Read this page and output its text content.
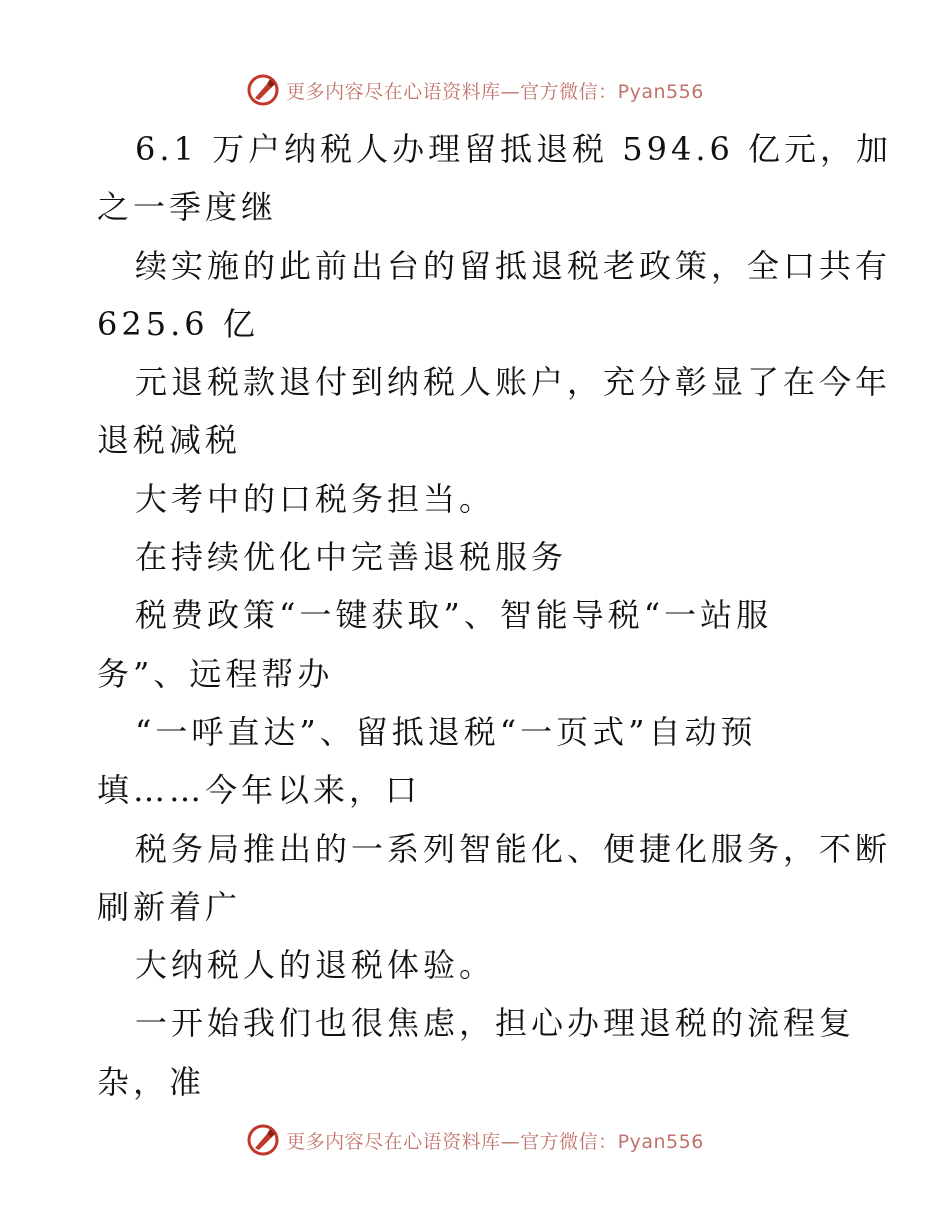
更多内容尽在心语资料库—官方微信：Pyan556
6.1 万户纳税人办理留抵退税 594.6 亿元，加
之一季度继
续实施的此前出台的留抵退税老政策，全口共有
625.6 亿
元退税款退付到纳税人账户，充分彰显了在今年
退税减税
大考中的口税务担当。
在持续优化中完善退税服务
税费政策“一键获取”、智能导税“一站服
务”、远程帮办
“一呼直达”、留抵退税“一页式”自动预
填……今年以来，口
税务局推出的一系列智能化、便捷化服务，不断
刷新着广
大纳税人的退税体验。
一开始我们也很焦虑，担心办理退税的流程复
杂，准
更多内容尽在心语资料库—官方微信：Pyan556
